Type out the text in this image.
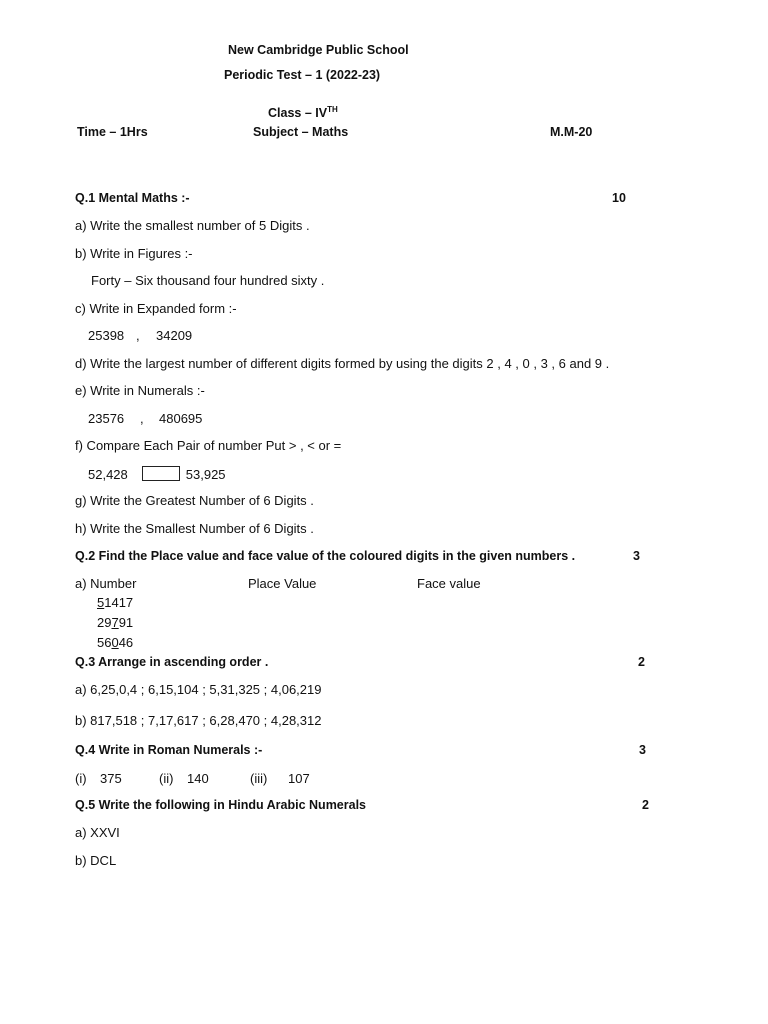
New Cambridge Public School
Periodic Test – 1 (2022-23)
Class – IVTH
Time – 1Hrs	Subject – Maths	M.M-20
Q.1 Mental Maths :-	10
a) Write the smallest number of 5 Digits .
b) Write in Figures :-
Forty – Six thousand four hundred sixty .
c) Write in Expanded form :-
25398 , 34209
d) Write the largest number of different digits formed by using the digits 2 , 4 , 0 , 3 , 6 and 9 .
e) Write in Numerals :-
23576 , 480695
f) Compare Each Pair of number Put > , < or =
52,428	53,925
g) Write the Greatest Number of 6 Digits .
h) Write the Smallest Number of 6 Digits .
Q.2 Find the Place value and face value of the coloured digits in the given numbers .	3
a) Number	Place Value	Face value
51417
29791
56046
Q.3 Arrange in ascending order .	2
a) 6,25,0,4 ; 6,15,104 ; 5,31,325 ; 4,06,219
b) 817,518 ; 7,17,617 ; 6,28,470 ; 4,28,312
Q.4 Write in Roman Numerals :-	3
(i) 375	(ii) 140	(iii) 107
Q.5 Write the following in Hindu Arabic Numerals	2
a) XXVI
b) DCL
